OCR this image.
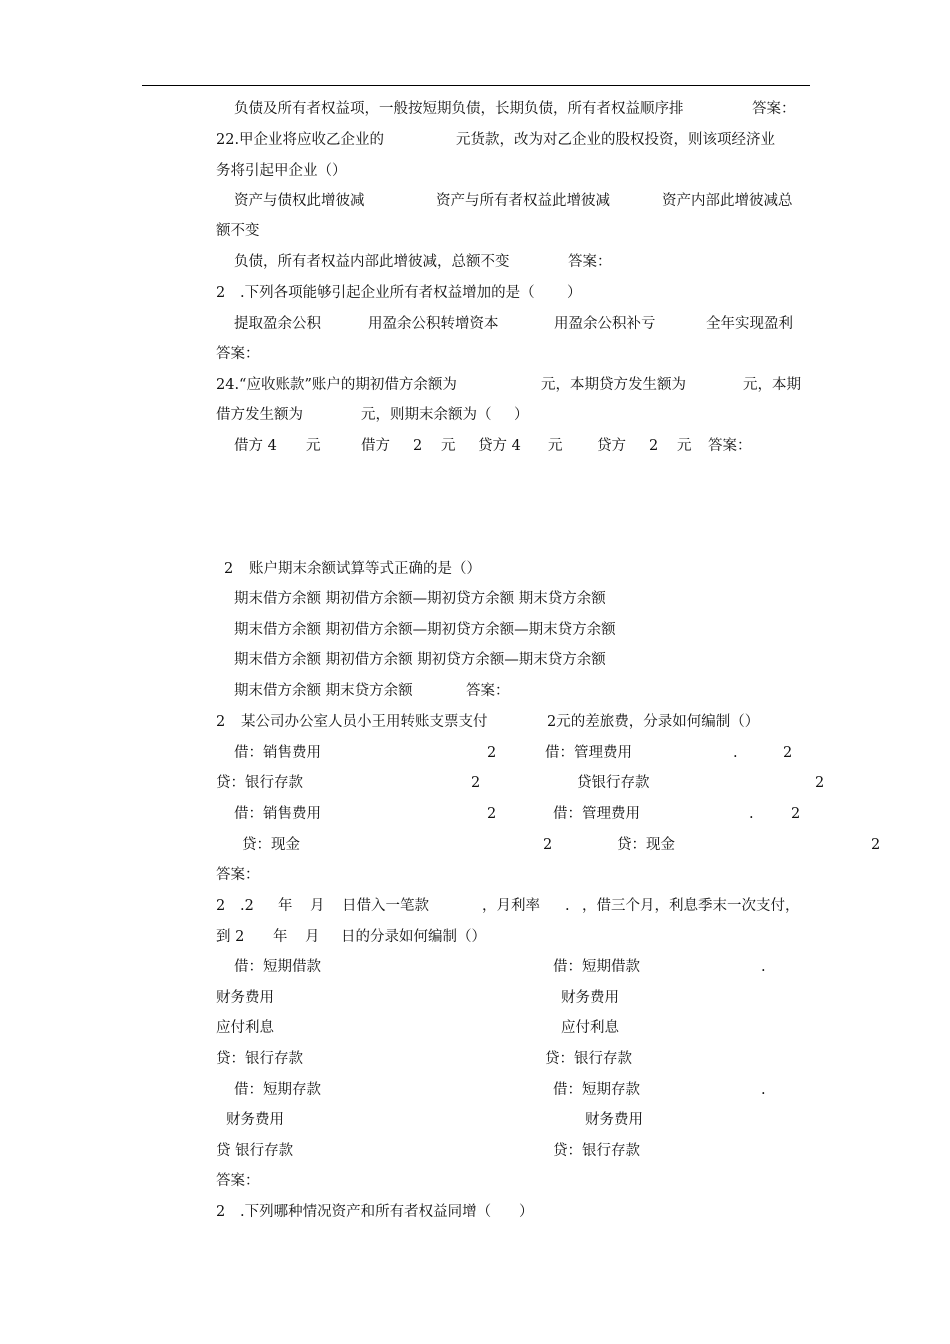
负债及所有者权益项，一般按短期负债，长期负债，所有者权益顺序排	答案：
22.甲企业将应收乙企业的	元货款，改为对乙企业的股权投资，则该项经济业
务将引起甲企业（）
资产与债权此增彼减	资产与所有者权益此增彼减	资产内部此增彼减总
额不变
负债，所有者权益内部此增彼减，总额不变	答案：
2 .下列各项能够引起企业所有者权益增加的是（ ）
提取盈余公积	用盈余公积转增资本	用盈余公积补亏	全年实现盈利
答案：
24.“应收账款”账户的期初借方余额为	元，本期贷方发生额为	元，本期
借方发生额为	元，则期末余额为（ ）
借方 4 元	借方 2 元 贷方 4 元 贷方 2 元 答案：
2 账户期末余额试算等式正确的是（）
期末借方余额 期初借方余额—期初贷方余额 期末贷方余额
期末借方余额 期初借方余额—期初贷方余额—期末贷方余额
期末借方余额 期初借方余额 期初贷方余额—期末贷方余额
期末借方余额 期末贷方余额	答案：
2 某公司办公室人员小王用转账支票支付	2元的差旅费，分录如何编制（）
借：销售费用	2	借：管理费用	.	2
贷：银行存款	2	贷银行存款	2
借：销售费用	2	借：管理费用	.	2
贷：现金	2	贷：现金	2
答案：
2 .2 年 月 日借入一笔款	，月利率 . ，借三个月，利息季末一次支付，
到 2 年 月 日的分录如何编制（）
借：短期借款	借：短期借款	.
财务费用	财务费用
应付利息	应付利息
贷：银行存款	贷：银行存款
借：短期存款	借：短期存款	.
财务费用	财务费用
贷 银行存款	贷：银行存款
答案：
2 .下列哪种情况资产和所有者权益同增（ ）
